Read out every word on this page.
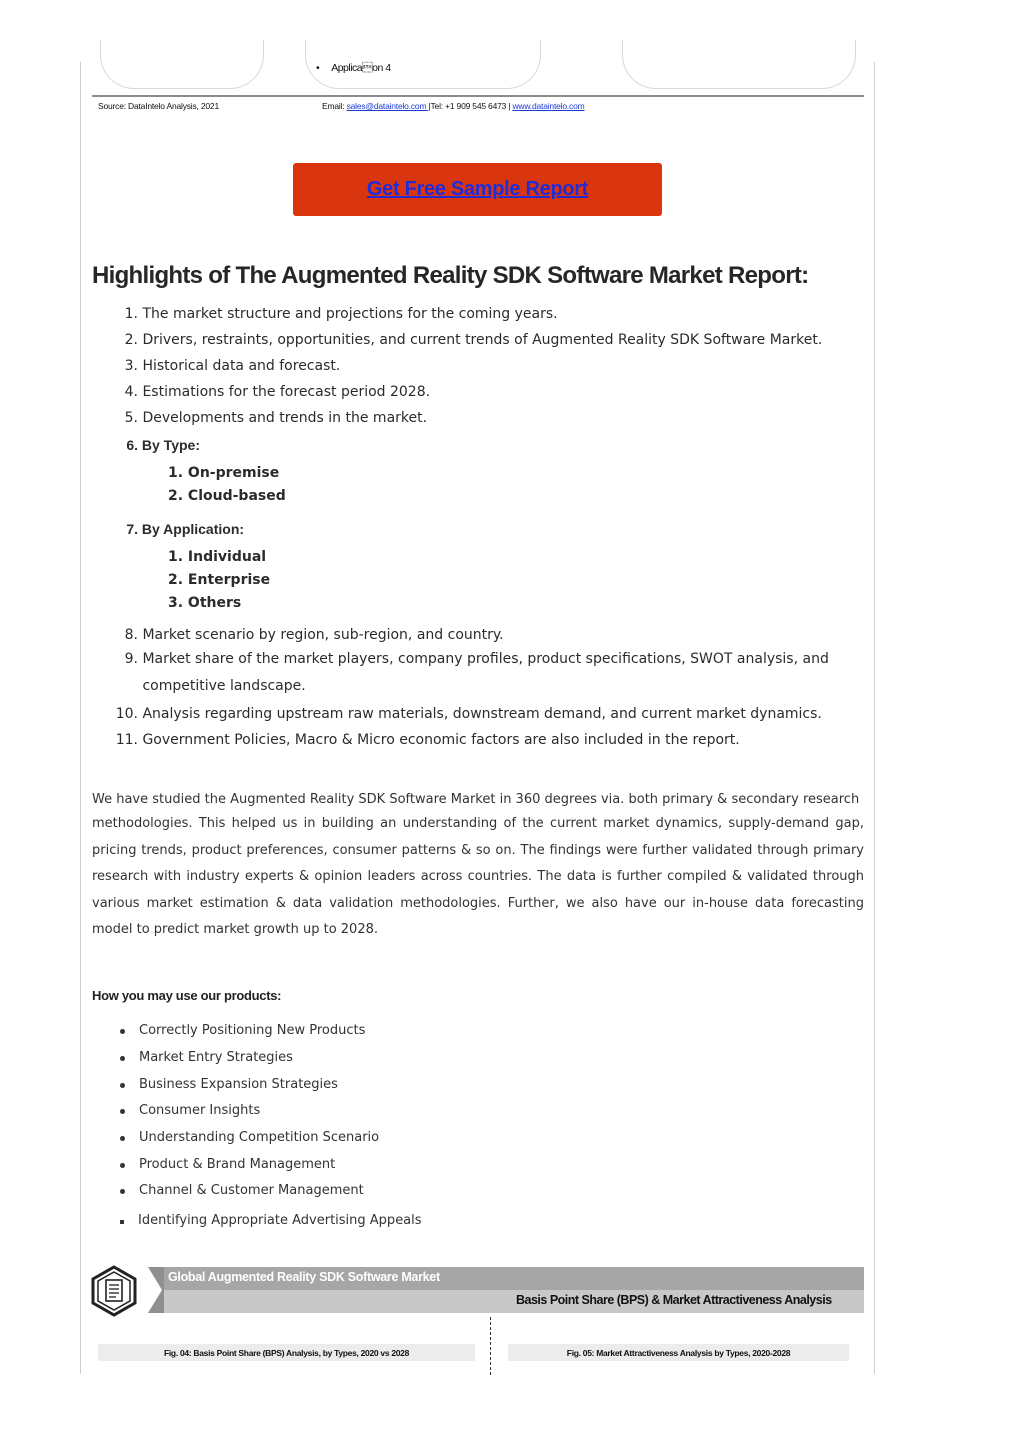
• Applicaon 4
Source: DataIntelo Analysis, 2021	Email: sales@dataintelo.com |Tel: +1 909 545 6473 | www.dataintelo.com
Get Free Sample Report
Highlights of The Augmented Reality SDK Software Market Report:
1. The market structure and projections for the coming years.
2. Drivers, restraints, opportunities, and current trends of Augmented Reality SDK Software Market.
3. Historical data and forecast.
4. Estimations for the forecast period 2028.
5. Developments and trends in the market.
6. By Type:
1. On-premise
2. Cloud-based
7. By Application:
1. Individual
2. Enterprise
3. Others
8. Market scenario by region, sub-region, and country.
9. Market share of the market players, company profiles, product specifications, SWOT analysis, and
competitive landscape.
10. Analysis regarding upstream raw materials, downstream demand, and current market dynamics.
11. Government Policies, Macro & Micro economic factors are also included in the report.
We have studied the Augmented Reality SDK Software Market in 360 degrees via. both primary & secondary research
methodologies. This helped us in building an understanding of the current market dynamics, supply-demand gap, pricing trends, product preferences, consumer patterns & so on. The findings were further validated through primary research with industry experts & opinion leaders across countries. The data is further compiled & validated through various market estimation & data validation methodologies. Further, we also have our in-house data forecasting model to predict market growth up to 2028.
How you may use our products:
Correctly Positioning New Products
Market Entry Strategies
Business Expansion Strategies
Consumer Insights
Understanding Competition Scenario
Product & Brand Management
Channel & Customer Management
Identifying Appropriate Advertising Appeals
Global Augmented Reality SDK Software Market
Basis Point Share (BPS) & Market Attractiveness Analysis
Fig. 04: Basis Point Share (BPS) Analysis, by Types, 2020 vs 2028	Fig. 05: Market Attractiveness Analysis by Types, 2020-2028
